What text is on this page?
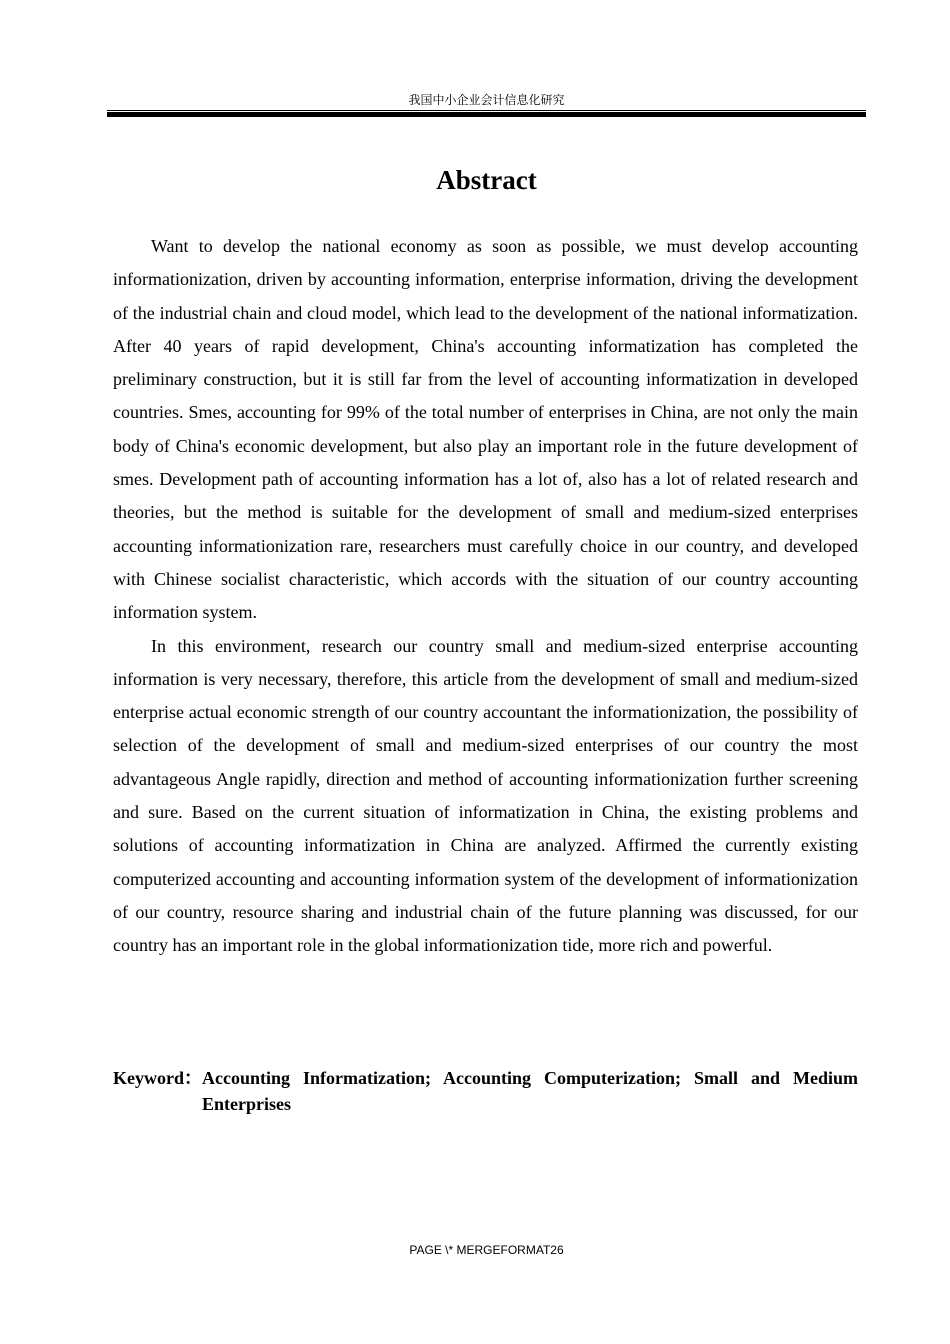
我国中小企业会计信息化研究
Abstract

Want to develop the national economy as soon as possible, we must develop accounting informationization, driven by accounting information, enterprise information, driving the development of the industrial chain and cloud model, which lead to the development of the national informatization. After 40 years of rapid development, China's accounting informatization has completed the preliminary construction, but it is still far from the level of accounting informatization in developed countries. Smes, accounting for 99% of the total number of enterprises in China, are not only the main body of China's economic development, but also play an important role in the future development of smes. Development path of accounting information has a lot of, also has a lot of related research and theories, but the method is suitable for the development of small and medium-sized enterprises accounting informationization rare, researchers must carefully choice in our country, and developed with Chinese socialist characteristic, which accords with the situation of our country accounting information system.

In this environment, research our country small and medium-sized enterprise accounting information is very necessary, therefore, this article from the development of small and medium-sized enterprise actual economic strength of our country accountant the informationization, the possibility of selection of the development of small and medium-sized enterprises of our country the most advantageous Angle rapidly, direction and method of accounting informationization further screening and sure. Based on the current situation of informatization in China, the existing problems and solutions of accounting informatization in China are analyzed. Affirmed the currently existing computerized accounting and accounting information system of the development of informationization of our country, resource sharing and industrial chain of the future planning was discussed, for our country has an important role in the global informationization tide, more rich and powerful.

Keyword： Accounting Informatization; Accounting Computerization; Small and Medium Enterprises
PAGE \* MERGEFORMAT26
